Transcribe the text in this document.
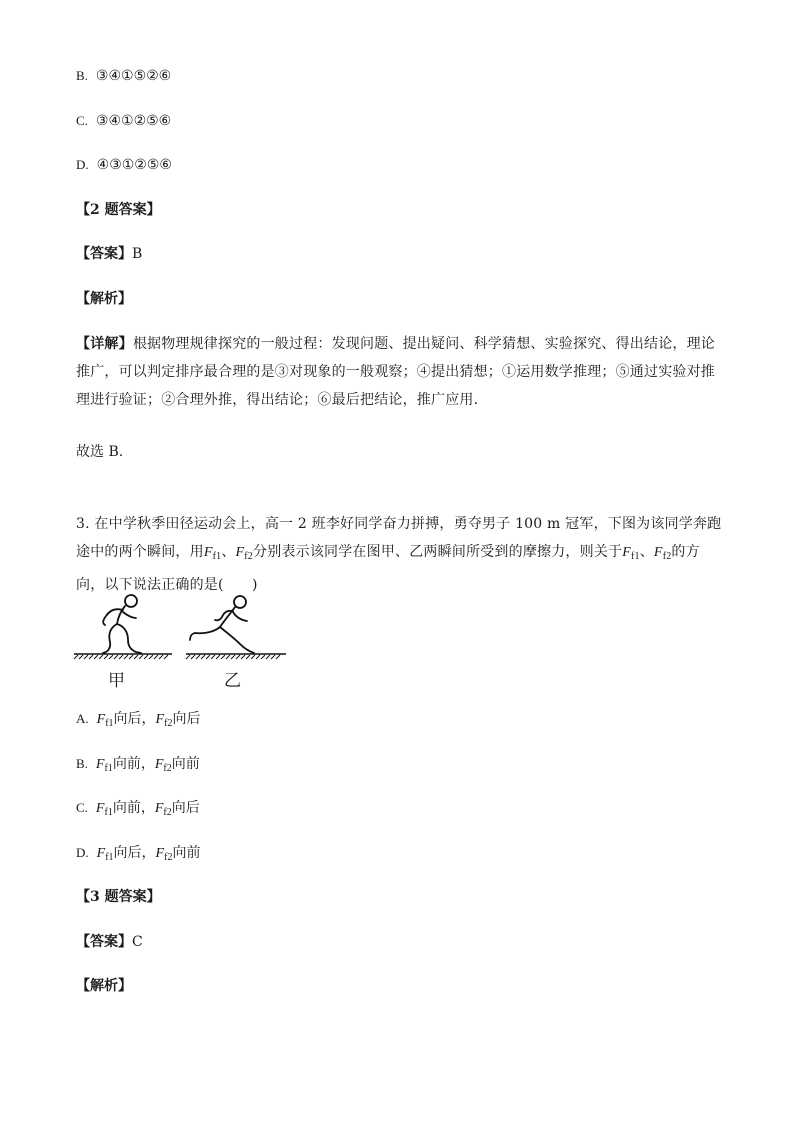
B. ③④①⑤②⑥
C. ③④①②⑤⑥
D. ④③①②⑤⑥
【2 题答案】
【答案】B
【解析】
【详解】根据物理规律探究的一般过程：发现问题、提出疑问、科学猜想、实验探究、得出结论，理论推广，可以判定排序最合理的是③对现象的一般观察；④提出猜想；①运用数学推理；⑤通过实验对推理进行验证；②合理外推，得出结论；⑥最后把结论，推广应用．
故选 B.
3. 在中学秋季田径运动会上，高一 2 班李好同学奋力拼搏，勇夺男子 100 m 冠军，下图为该同学奔跑途中的两个瞬间，用$F_{f1}$、$F_{f2}$分别表示该同学在图甲、乙两瞬间所受到的摩擦力，则关于$F_{f1}$、$F_{f2}$的方向，以下说法正确的是(　　)
甲	乙
A. $F_{f1}$向后，$F_{f2}$向后
B. $F_{f1}$向前，$F_{f2}$向前
C. $F_{f1}$向前，$F_{f2}$向后
D. $F_{f1}$向后，$F_{f2}$向前
【3 题答案】
【答案】C
【解析】
